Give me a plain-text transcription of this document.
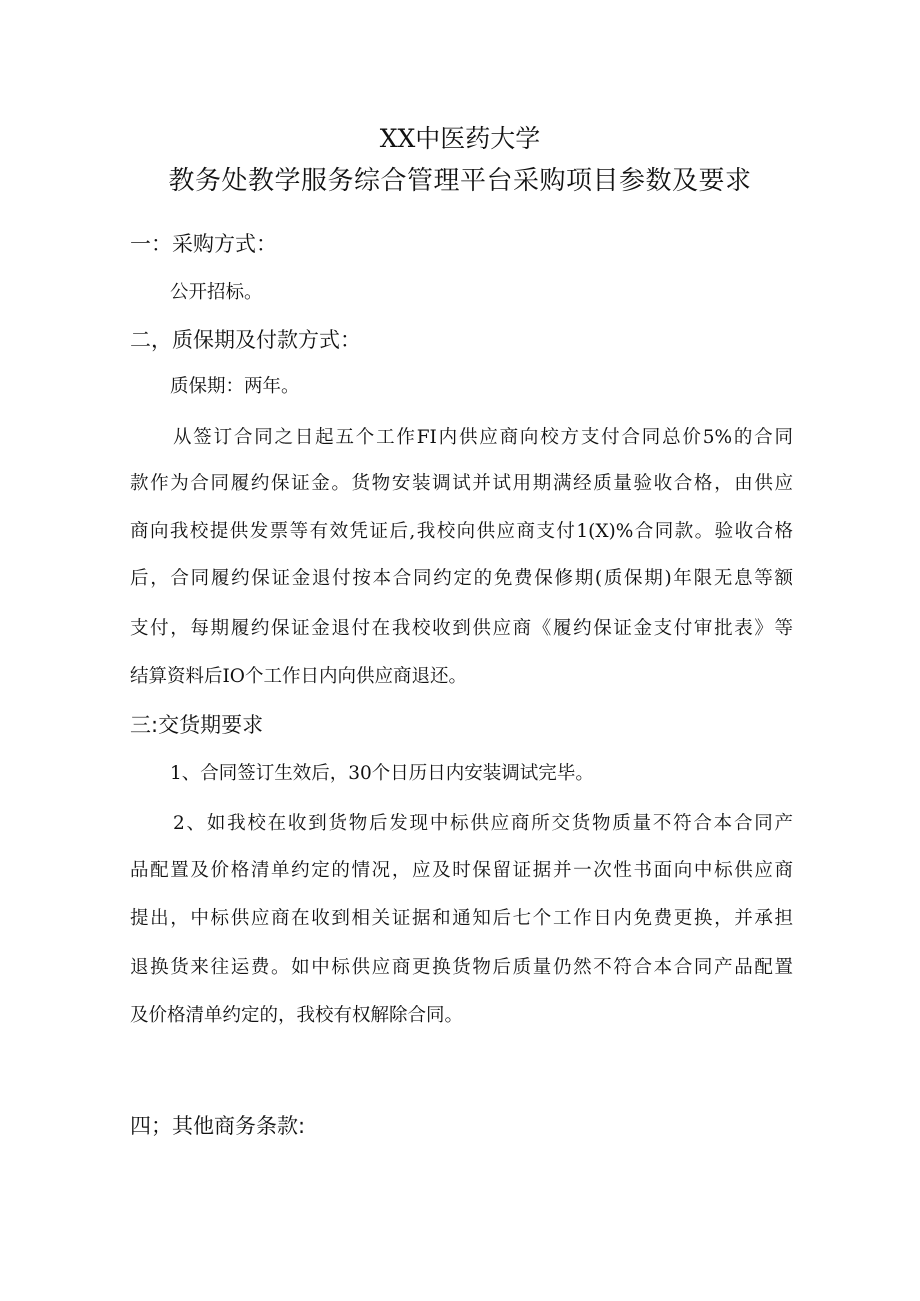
XX中医药大学
教务处教学服务综合管理平台采购项目参数及要求
一：采购方式：
公开招标。
二，质保期及付款方式：
质保期：两年。
从签订合同之日起五个工作FI内供应商向校方支付合同总价5%的合同
款作为合同履约保证金。货物安装调试并试用期满经质量验收合格，由供应
商向我校提供发票等有效凭证后,我校向供应商支付1(X)%合同款。验收合格
后，合同履约保证金退付按本合同约定的免费保修期(质保期)年限无息等额
支付，每期履约保证金退付在我校收到供应商《履约保证金支付审批表》等
结算资料后IO个工作日内向供应商退还。
三:交货期要求
1、合同签订生效后，30个日历日内安装调试完毕。
2、如我校在收到货物后发现中标供应商所交货物质量不符合本合同产
品配置及价格清单约定的情况，应及时保留证据并一次性书面向中标供应商
提出，中标供应商在收到相关证据和通知后七个工作日内免费更换，并承担
退换货来往运费。如中标供应商更换货物后质量仍然不符合本合同产品配置
及价格清单约定的，我校有权解除合同。
四；其他商务条款:
